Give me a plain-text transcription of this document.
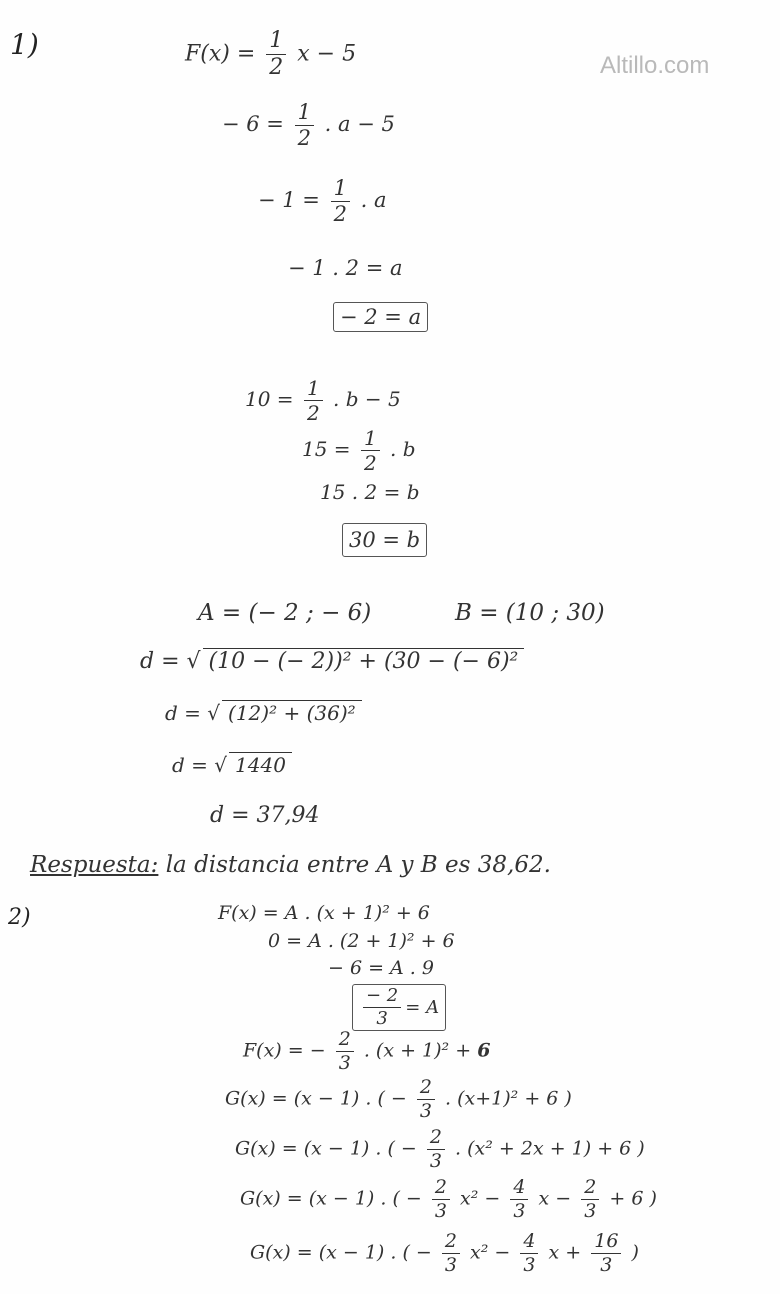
Altillo.com
1)	$F(x) = \frac{1}{2}$ x − 5
− $6 = \frac{1}{2}$ . a − 5
− $1 = \frac{1}{2}$ . a
− 1 . 2 = a
− 2 = a
$10 = \frac{1}{2}$ . b − 5
$15 = \frac{1}{2}$ . b
15 . 2 = b
30 = b
A = (− 2 ; − 6)	B = (10 ; 30)
d = √ (10 − (− 2))² + (30 − (− 6)²
d = √ (12)² + (36)²
d = √ 1440
d = 37,94
Respuesta: la distancia entre A y B es 38,62.
2)	F(x) = A . (x + 1)² + 6
0 = A . (2 + 1)² + 6
− 6 = A . 9
$\frac{- 2}{3} = A$
F(x) = − $\frac{2}{3}$ . (x + 1)² + 6
G(x) = (x − 1) . ( − $\frac{2}{3}$ . (x+1)² + 6 )
G(x) = (x − 1) . ( − $\frac{2}{3}$ . (x² + 2x + 1) + 6 )
G(x) = (x − 1) . ( − $\frac{2}{3} x^2 - \frac{4}{3}$ $x - \frac{2}{3} + 6$ )
G(x) = (x − 1) . ( − $\frac{2}{3} x^2 - \frac{4}{3}$ $x + \frac{16}{3}$ )
